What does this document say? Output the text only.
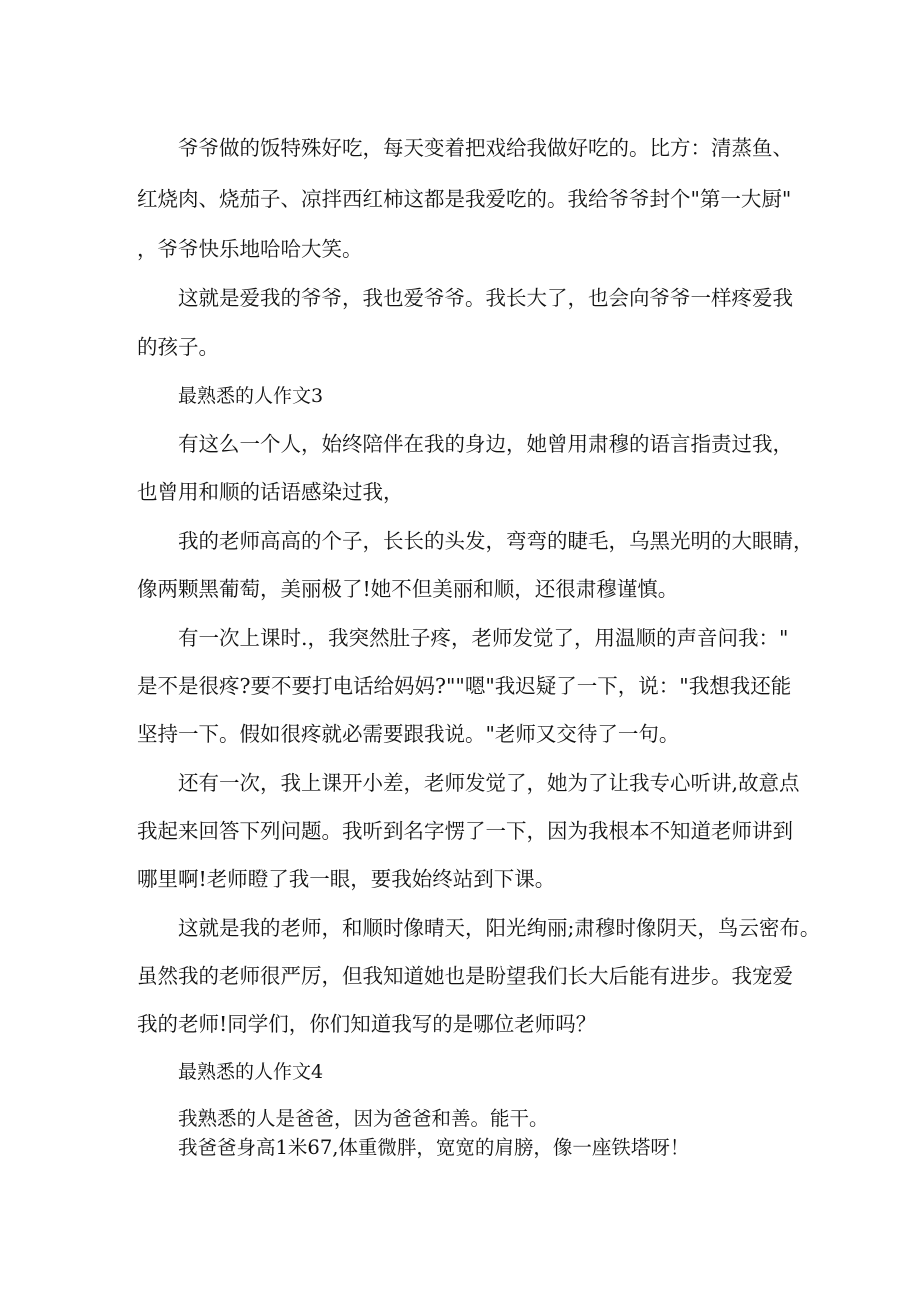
爷爷做的饭特殊好吃，每天变着把戏给我做好吃的。比方：清蒸鱼、

红烧肉、烧茄子、凉拌西红柿这都是我爱吃的。我给爷爷封个"第一大厨"

，爷爷快乐地哈哈大笑。

这就是爱我的爷爷，我也爱爷爷。我长大了，也会向爷爷一样疼爱我

的孩子。

最熟悉的人作文3

有这么一个人，始终陪伴在我的身边，她曾用肃穆的语言指责过我，

也曾用和顺的话语感染过我，

我的老师高高的个子，长长的头发，弯弯的睫毛，乌黑光明的大眼睛，

像两颗黑葡萄，美丽极了!她不但美丽和顺，还很肃穆谨慎。

有一次上课时.，我突然肚子疼，老师发觉了，用温顺的声音问我："

是不是很疼?要不要打电话给妈妈?""嗯"我迟疑了一下，说："我想我还能

坚持一下。假如很疼就必需要跟我说。"老师又交待了一句。

还有一次，我上课开小差，老师发觉了，她为了让我专心听讲,故意点

我起来回答下列问题。我听到名字愣了一下，因为我根本不知道老师讲到

哪里啊!老师瞪了我一眼，要我始终站到下课。

这就是我的老师，和顺时像晴天，阳光绚丽;肃穆时像阴天，鸟云密布。

虽然我的老师很严厉，但我知道她也是盼望我们长大后能有进步。我宠爱

我的老师!同学们，你们知道我写的是哪位老师吗？

最熟悉的人作文4

我熟悉的人是爸爸，因为爸爸和善。能干。

我爸爸身高1米67,体重微胖，宽宽的肩膀，像一座铁塔呀！
